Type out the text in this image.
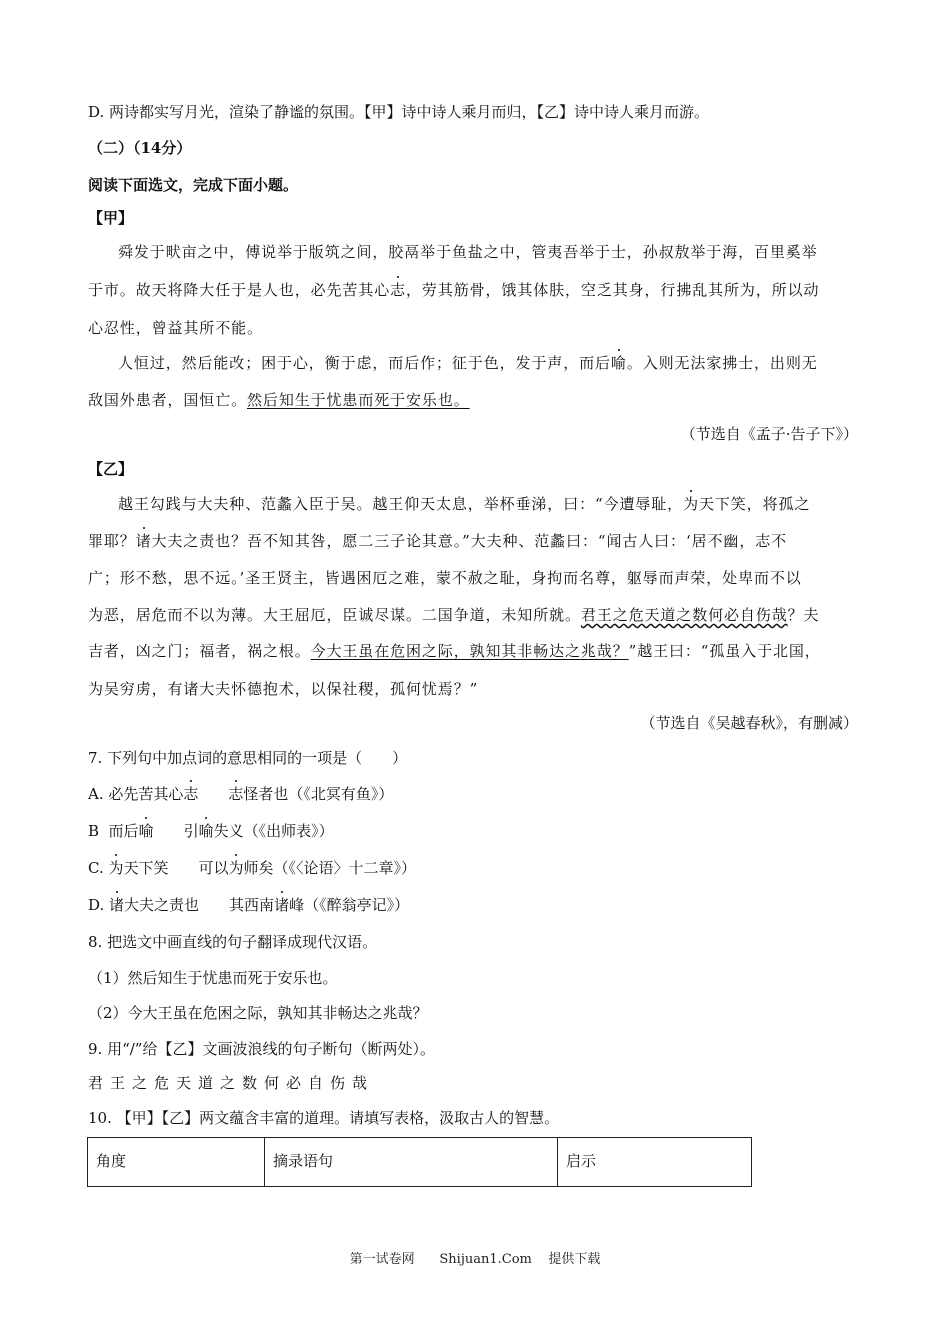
D. 两诗都实写月光，渲染了静谧的氛围。【甲】诗中诗人乘月而归，【乙】诗中诗人乘月而游。
（二）（14分）
阅读下面选文，完成下面小题。
【甲】
舜发于畎亩之中，傅说举于版筑之间，胶鬲举于鱼盐之中，管夷吾举于士，孙叔敖举于海，百里奚举
于市。故天将降大任于是人也，必先苦其心志，劳其筋骨，饿其体肤，空乏其身，行拂乱其所为，所以动
心忍性，曾益其所不能。
人恒过，然后能改；困于心，衡于虑，而后作；征于色，发于声，而后喻。入则无法家拂士，出则无
敌国外患者，国恒亡。然后知生于忧患而死于安乐也。
（节选自《孟子·告子下》）
【乙】
越王勾践与大夫种、范蠡入臣于吴。越王仰天太息，举杯垂涕，曰：“今遭辱耻，为天下笑，将孤之
罪耶？诸大夫之责也？吾不知其咎，愿二三子论其意。”大夫种、范蠡曰：“闻古人曰：‘居不幽，志不
广；形不愁，思不远。’圣王贤主，皆遇困厄之难，蒙不赦之耻，身拘而名尊，躯辱而声荣，处卑而不以
为恶，居危而不以为薄。大王屈厄，臣诚尽谋。二国争道，未知所就。君王之危天道之数何必自伤哉？夫
吉者，凶之门；福者，祸之根。今大王虽在危困之际，孰知其非畅达之兆哉？”越王曰：“孤虽入于北国，
为吴穷虏，有诸大夫怀德抱术，以保社稷，孤何忧焉？”
（节选自《吴越春秋》，有删减）
7. 下列句中加点词的意思相同的一项是（　　）
A. 必先苦其心志　　 志怪者也（《北冥有鱼》）
B  而后喻　　引喻失义（《出师表》）
C. 为天下笑　　可以为师矣（《〈论语〉十二章》）
D. 诸大夫之责也　　其西南诸峰（《醉翁亭记》）
8. 把选文中画直线的句子翻译成现代汉语。
（1）然后知生于忧患而死于安乐也。
（2）今大王虽在危困之际，孰知其非畅达之兆哉？
9. 用“/”给【乙】文画波浪线的句子断句（断两处）。
君王之危天道之数何必自伤哉
10. 【甲】【乙】两文蕴含丰富的道理。请填写表格，汲取古人的智慧。
角度	摘录语句	启示
第一试卷网      Shijuan1.Com    提供下载
